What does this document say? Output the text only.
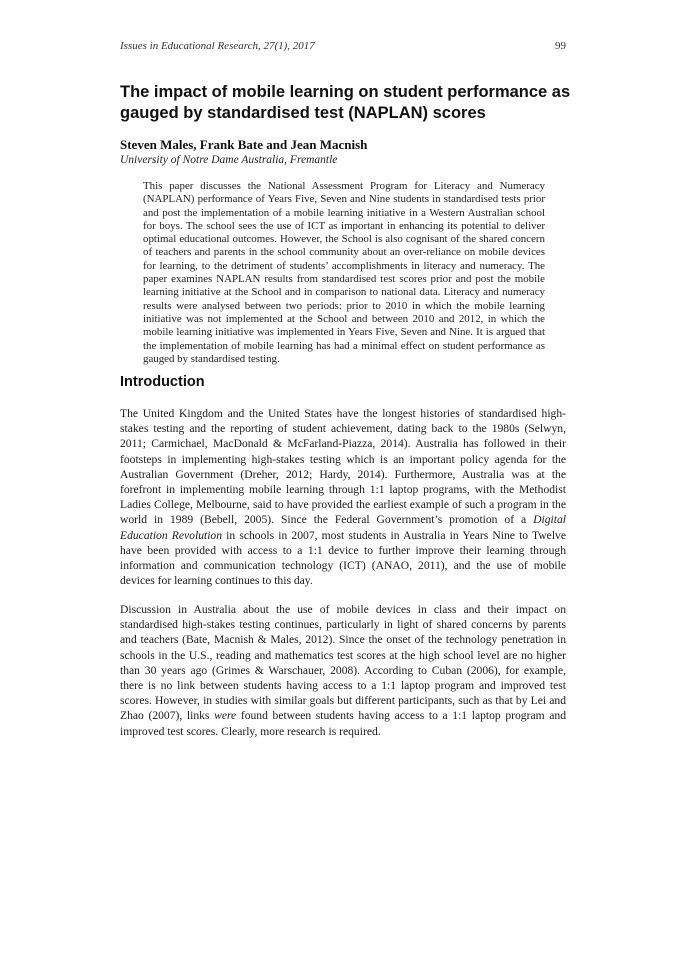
Issues in Educational Research, 27(1), 2017	99
The impact of mobile learning on student performance as gauged by standardised test (NAPLAN) scores

Steven Males, Frank Bate and Jean Macnish

University of Notre Dame Australia, Fremantle

This paper discusses the National Assessment Program for Literacy and Numeracy (NAPLAN) performance of Years Five, Seven and Nine students in standardised tests prior and post the implementation of a mobile learning initiative in a Western Australian school for boys. The school sees the use of ICT as important in enhancing its potential to deliver optimal educational outcomes. However, the School is also cognisant of the shared concern of teachers and parents in the school community about an over-reliance on mobile devices for learning, to the detriment of students’ accomplishments in literacy and numeracy. The paper examines NAPLAN results from standardised test scores prior and post the mobile learning initiative at the School and in comparison to national data. Literacy and numeracy results were analysed between two periods: prior to 2010 in which the mobile learning initiative was not implemented at the School and between 2010 and 2012, in which the mobile learning initiative was implemented in Years Five, Seven and Nine. It is argued that the implementation of mobile learning has had a minimal effect on student performance as gauged by standardised testing.

Introduction

The United Kingdom and the United States have the longest histories of standardised high-stakes testing and the reporting of student achievement, dating back to the 1980s (Selwyn, 2011; Carmichael, MacDonald & McFarland-Piazza, 2014). Australia has followed in their footsteps in implementing high-stakes testing which is an important policy agenda for the Australian Government (Dreher, 2012; Hardy, 2014). Furthermore, Australia was at the forefront in implementing mobile learning through 1:1 laptop programs, with the Methodist Ladies College, Melbourne, said to have provided the earliest example of such a program in the world in 1989 (Bebell, 2005). Since the Federal Government’s promotion of a Digital Education Revolution in schools in 2007, most students in Australia in Years Nine to Twelve have been provided with access to a 1:1 device to further improve their learning through information and communication technology (ICT) (ANAO, 2011), and the use of mobile devices for learning continues to this day.

Discussion in Australia about the use of mobile devices in class and their impact on standardised high-stakes testing continues, particularly in light of shared concerns by parents and teachers (Bate, Macnish & Males, 2012). Since the onset of the technology penetration in schools in the U.S., reading and mathematics test scores at the high school level are no higher than 30 years ago (Grimes & Warschauer, 2008). According to Cuban (2006), for example, there is no link between students having access to a 1:1 laptop program and improved test scores. However, in studies with similar goals but different participants, such as that by Lei and Zhao (2007), links were found between students having access to a 1:1 laptop program and improved test scores. Clearly, more research is required.
